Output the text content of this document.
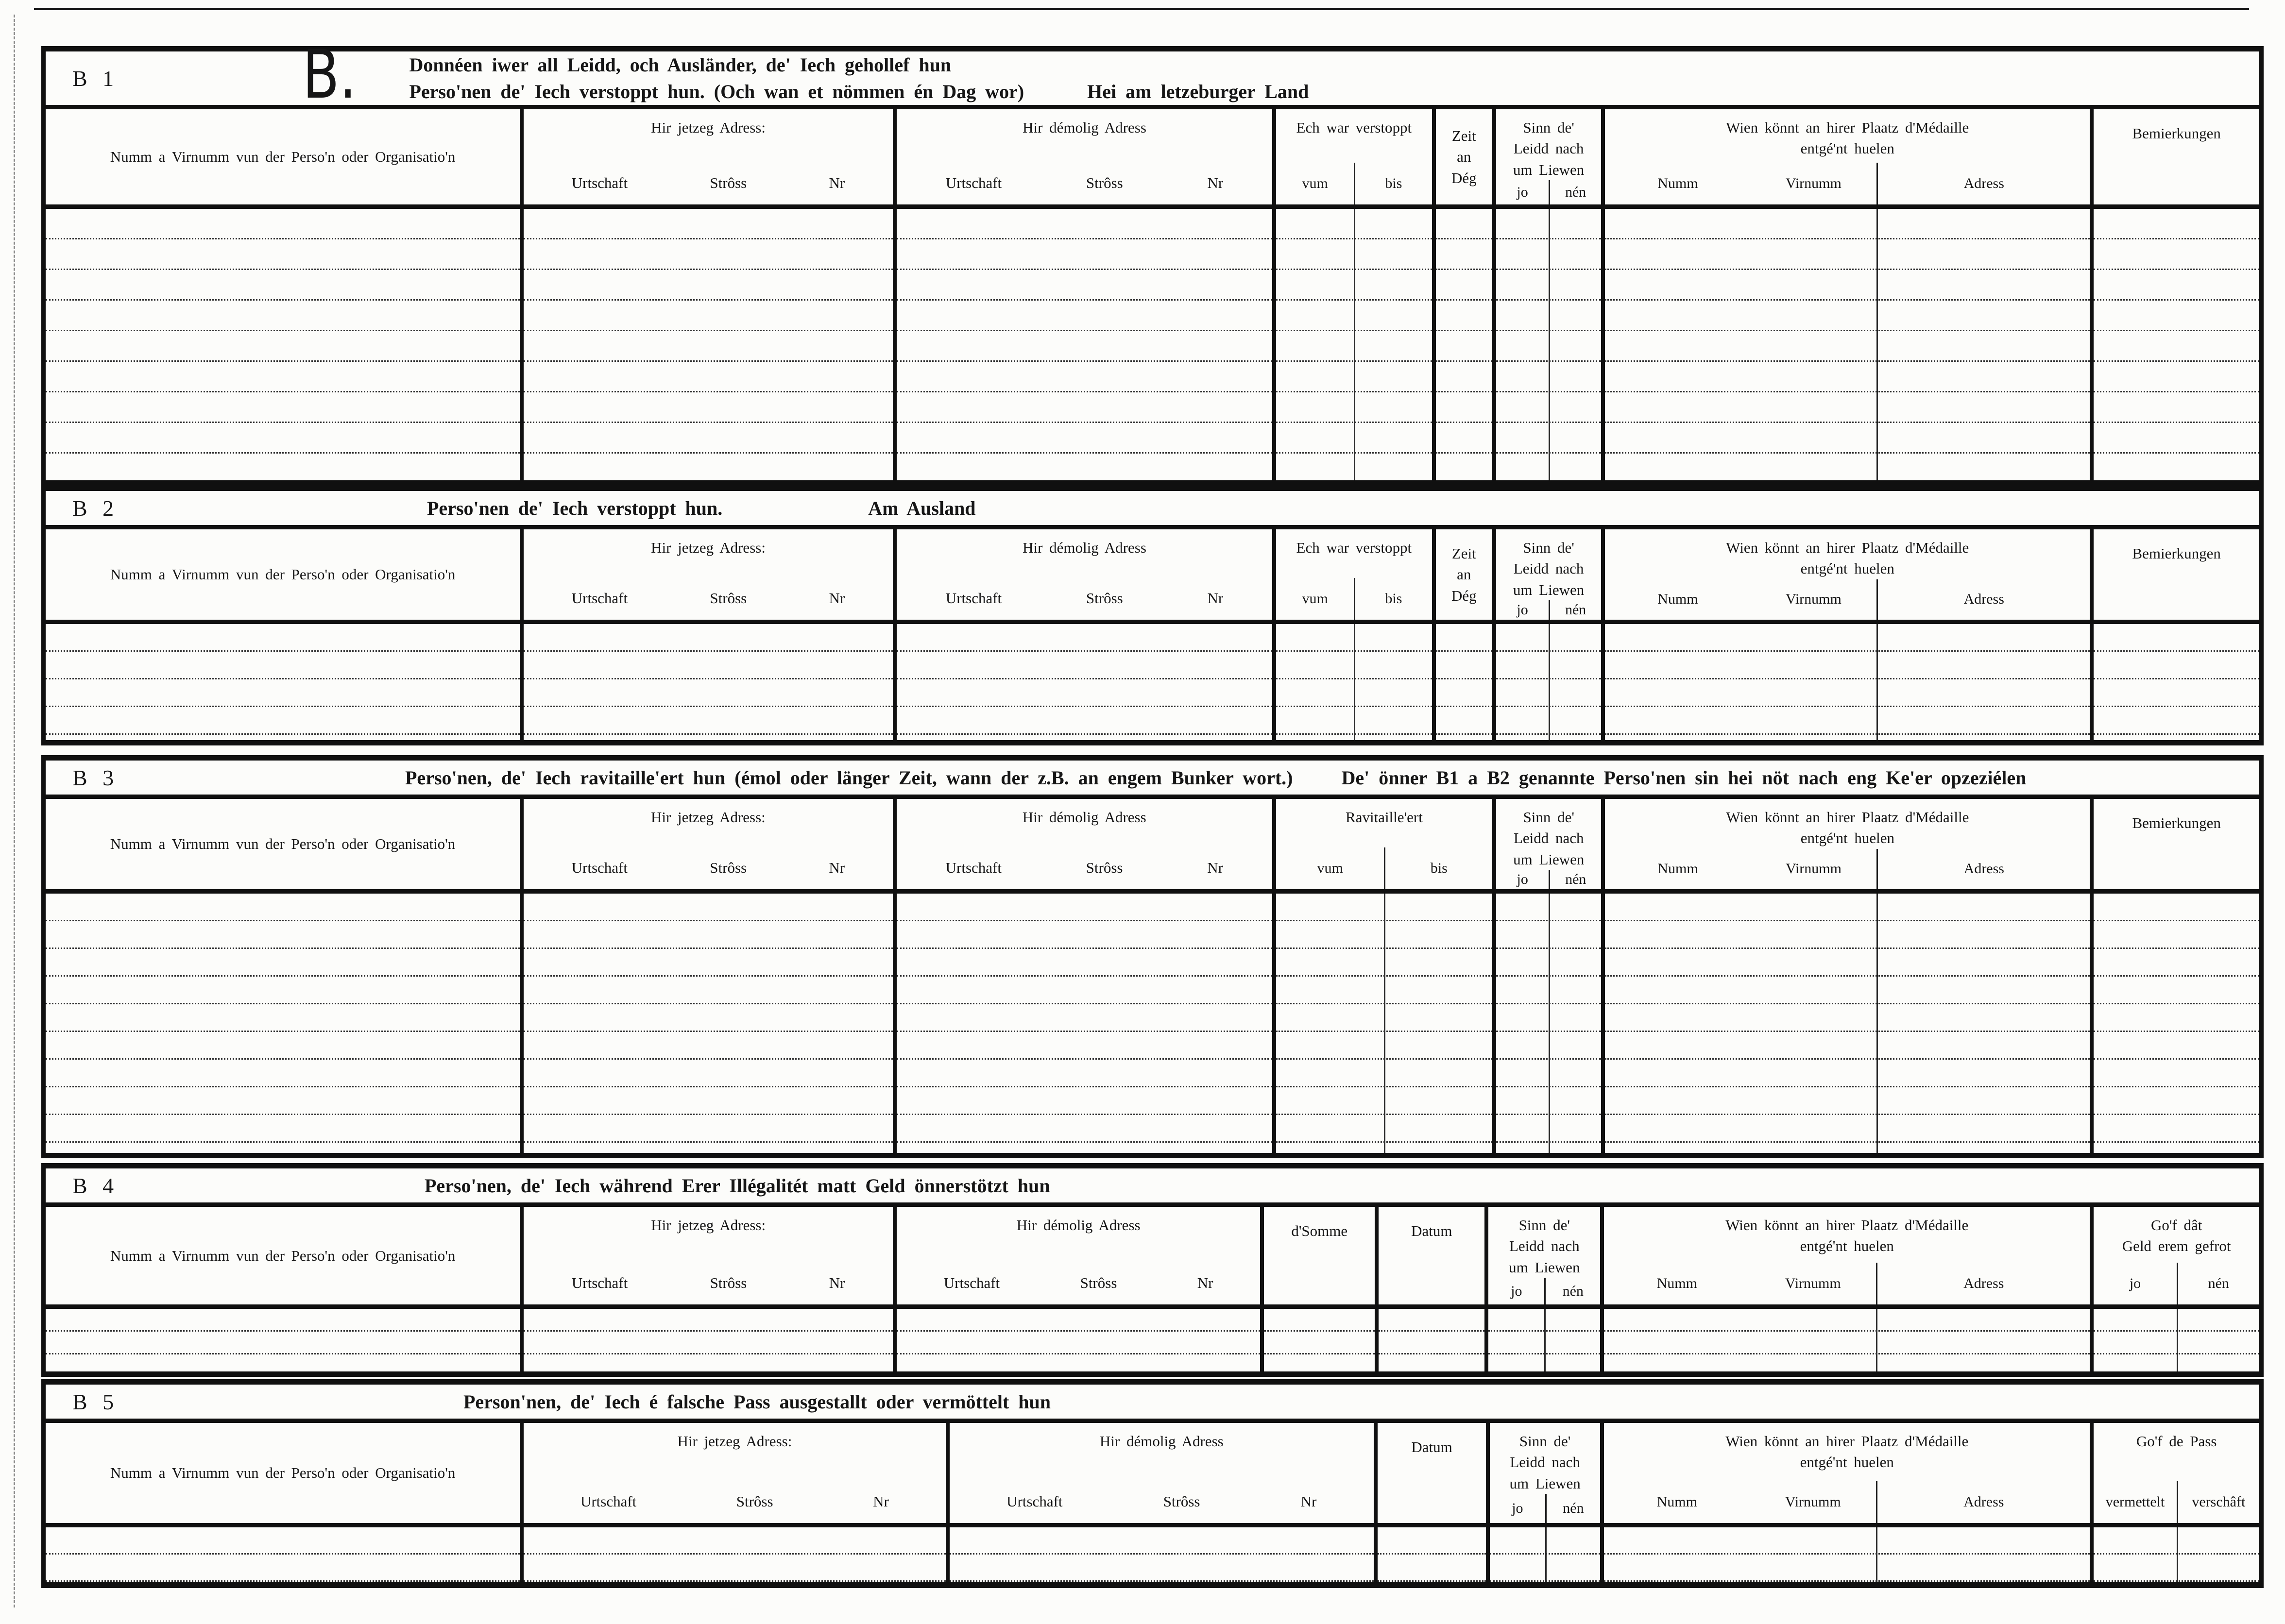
B 1	B.	Donnéen iwer all Leidd, och Ausländer, de' Iech gehollef hun
Perso'nen de' Iech verstoppt hun. (Och wan et nömmen én Dag wor)	Hei am letzeburger Land
Numm a Virnumm vun der Perso'n oder Organisatio'n
Hir jetzeg Adress:
Urtschaft	Strôss	Nr
Hir démolig Adress
Urtschaft	Strôss	Nr
Ech war verstoppt
vum	bis
Zeit
an
Dég
Sinn de'
Leidd nach
um Liewen
jo	nén
Wien könnt an hirer Plaatz d'Médaille
entgé'nt huelen
Numm	Virnumm	Adress
Bemierkungen
B 2	Perso'nen de' Iech verstoppt hun.	Am Ausland
Numm a Virnumm vun der Perso'n oder Organisatio'n
Hir jetzeg Adress:
Urtschaft	Strôss	Nr
Hir démolig Adress
Urtschaft	Strôss	Nr
Ech war verstoppt
vum	bis
Zeit
an
Dég
Sinn de'
Leidd nach
um Liewen
jo	nén
Wien könnt an hirer Plaatz d'Médaille
entgé'nt huelen
Numm	Virnumm	Adress
Bemierkungen
B 3	Perso'nen, de' Iech ravitaille'ert hun (émol oder länger Zeit, wann der z.B. an engem Bunker wort.)	De' önner B1 a B2 genannte Perso'nen sin hei nöt nach eng Ke'er opzeziélen
Numm a Virnumm vun der Perso'n oder Organisatio'n
Hir jetzeg Adress:
Urtschaft	Strôss	Nr
Hir démolig Adress
Urtschaft	Strôss	Nr
Ravitaille'ert
vum	bis
Sinn de'
Leidd nach
um Liewen
jo	nén
Wien könnt an hirer Plaatz d'Médaille
entgé'nt huelen
Numm	Virnumm	Adress
Bemierkungen
B 4	Perso'nen, de' Iech während Erer Illégalitét matt Geld önnerstötzt hun
Numm a Virnumm vun der Perso'n oder Organisatio'n
Hir jetzeg Adress:
Urtschaft	Strôss	Nr
Hir démolig Adress
Urtschaft	Strôss	Nr
d'Somme	Datum	Sinn de'
Leidd nach
um Liewen
jo	nén
Wien könnt an hirer Plaatz d'Médaille
entgé'nt huelen
Numm	Virnumm	Adress
Go'f dât
Geld erem gefrot
jo	nén
B 5	Person'nen, de' Iech é falsche Pass ausgestallt oder vermöttelt hun
Numm a Virnumm vun der Perso'n oder Organisatio'n
Hir jetzeg Adress:
Urtschaft	Strôss	Nr
Hir démolig Adress
Urtschaft	Strôss	Nr
Datum	Sinn de'
Leidd nach
um Liewen
jo	nén
Wien könnt an hirer Plaatz d'Médaille
entgé'nt huelen
Numm	Virnumm	Adress
Go'f de Pass
vermettelt	verschâft
